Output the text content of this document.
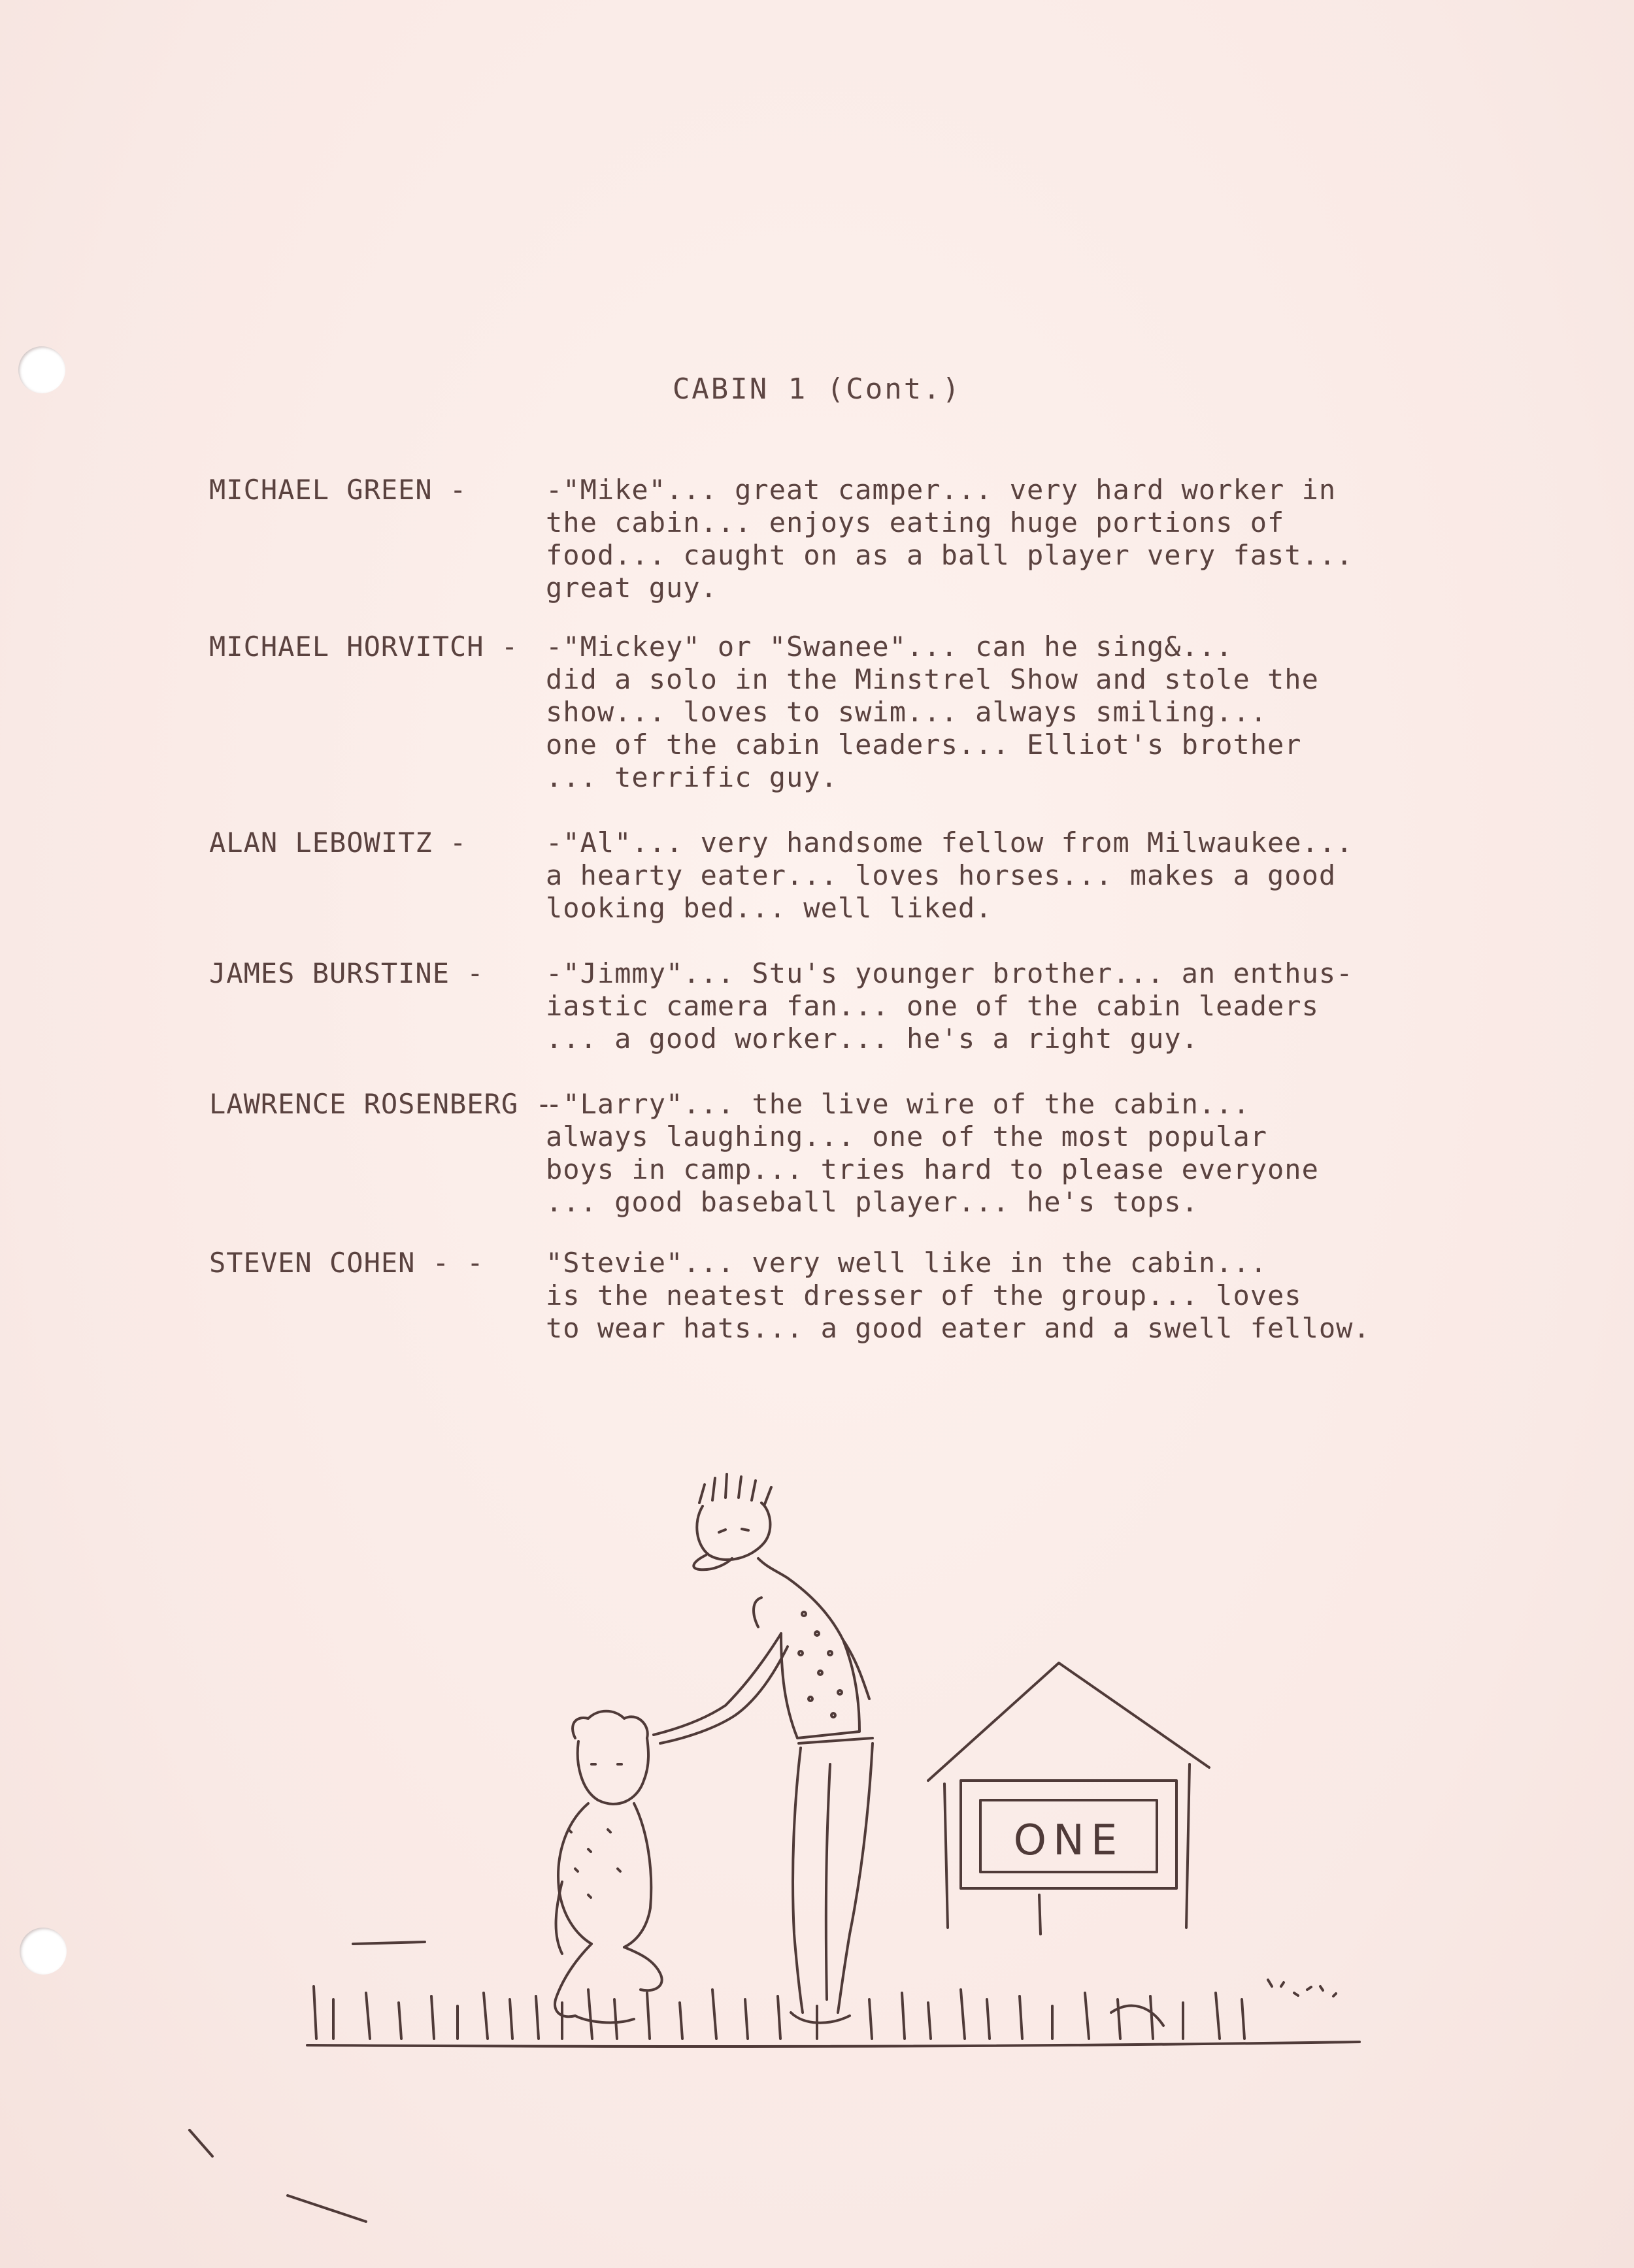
CABIN 1 (Cont.)
MICHAEL GREEN -	-"Mike"... great camper... very hard worker in
the cabin... enjoys eating huge portions of
food... caught on as a ball player very fast...
great guy.
MICHAEL HORVITCH - -"Mickey" or "Swanee"... can he sing&...
did a solo in the Minstrel Show and stole the
show... loves to swim... always smiling...
one of the cabin leaders... Elliot's brother
... terrific guy.
ALAN LEBOWITZ -	-"Al"... very handsome fellow from Milwaukee...
a hearty eater... loves horses... makes a good
looking bed... well liked.
JAMES BURSTINE - -"Jimmy"... Stu's younger brother... an enthus-
iastic camera fan... one of the cabin leaders
... a good worker... he's a right guy.
LAWRENCE ROSENBERG -
-"Larry"... the live wire of the cabin...
always laughing... one of the most popular
boys in camp... tries hard to please everyone
... good baseball player... he's tops.
STEVEN COHEN - - "Stevie"... very well like in the cabin...
is the neatest dresser of the group... loves
to wear hats... a good eater and a swell fellow.
ONE
